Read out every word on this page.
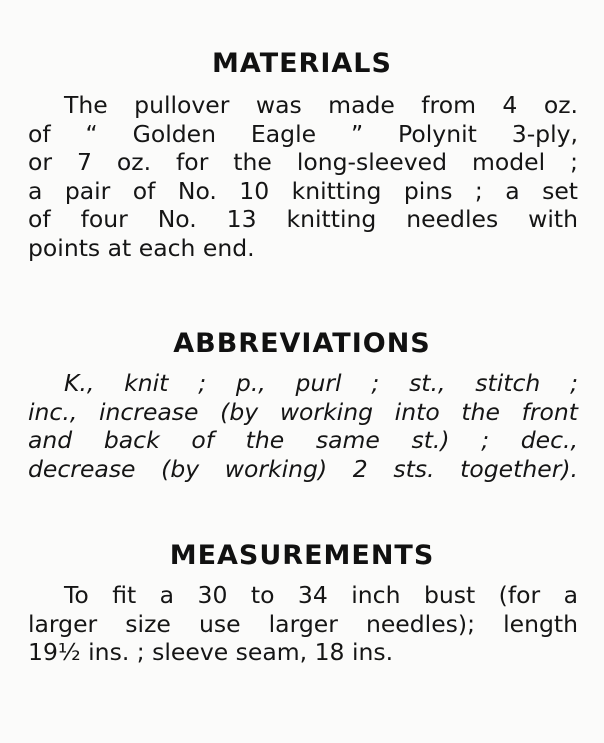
MATERIALS
The pullover was made from 4 oz.
of “ Golden Eagle ” Polynit 3-ply,
or 7 oz. for the long-sleeved model ;
a pair of No. 10 knitting pins ; a set
of four No. 13 knitting needles with
points at each end.
ABBREVIATIONS
K., knit ; p., purl ; st., stitch ;
inc., increase (by working into the front
and back of the same st.) ; dec.,
decrease (by working) 2 sts. together).
MEASUREMENTS
To fit a 30 to 34 inch bust (for a
larger size use larger needles); length
19½ ins. ; sleeve seam, 18 ins.
